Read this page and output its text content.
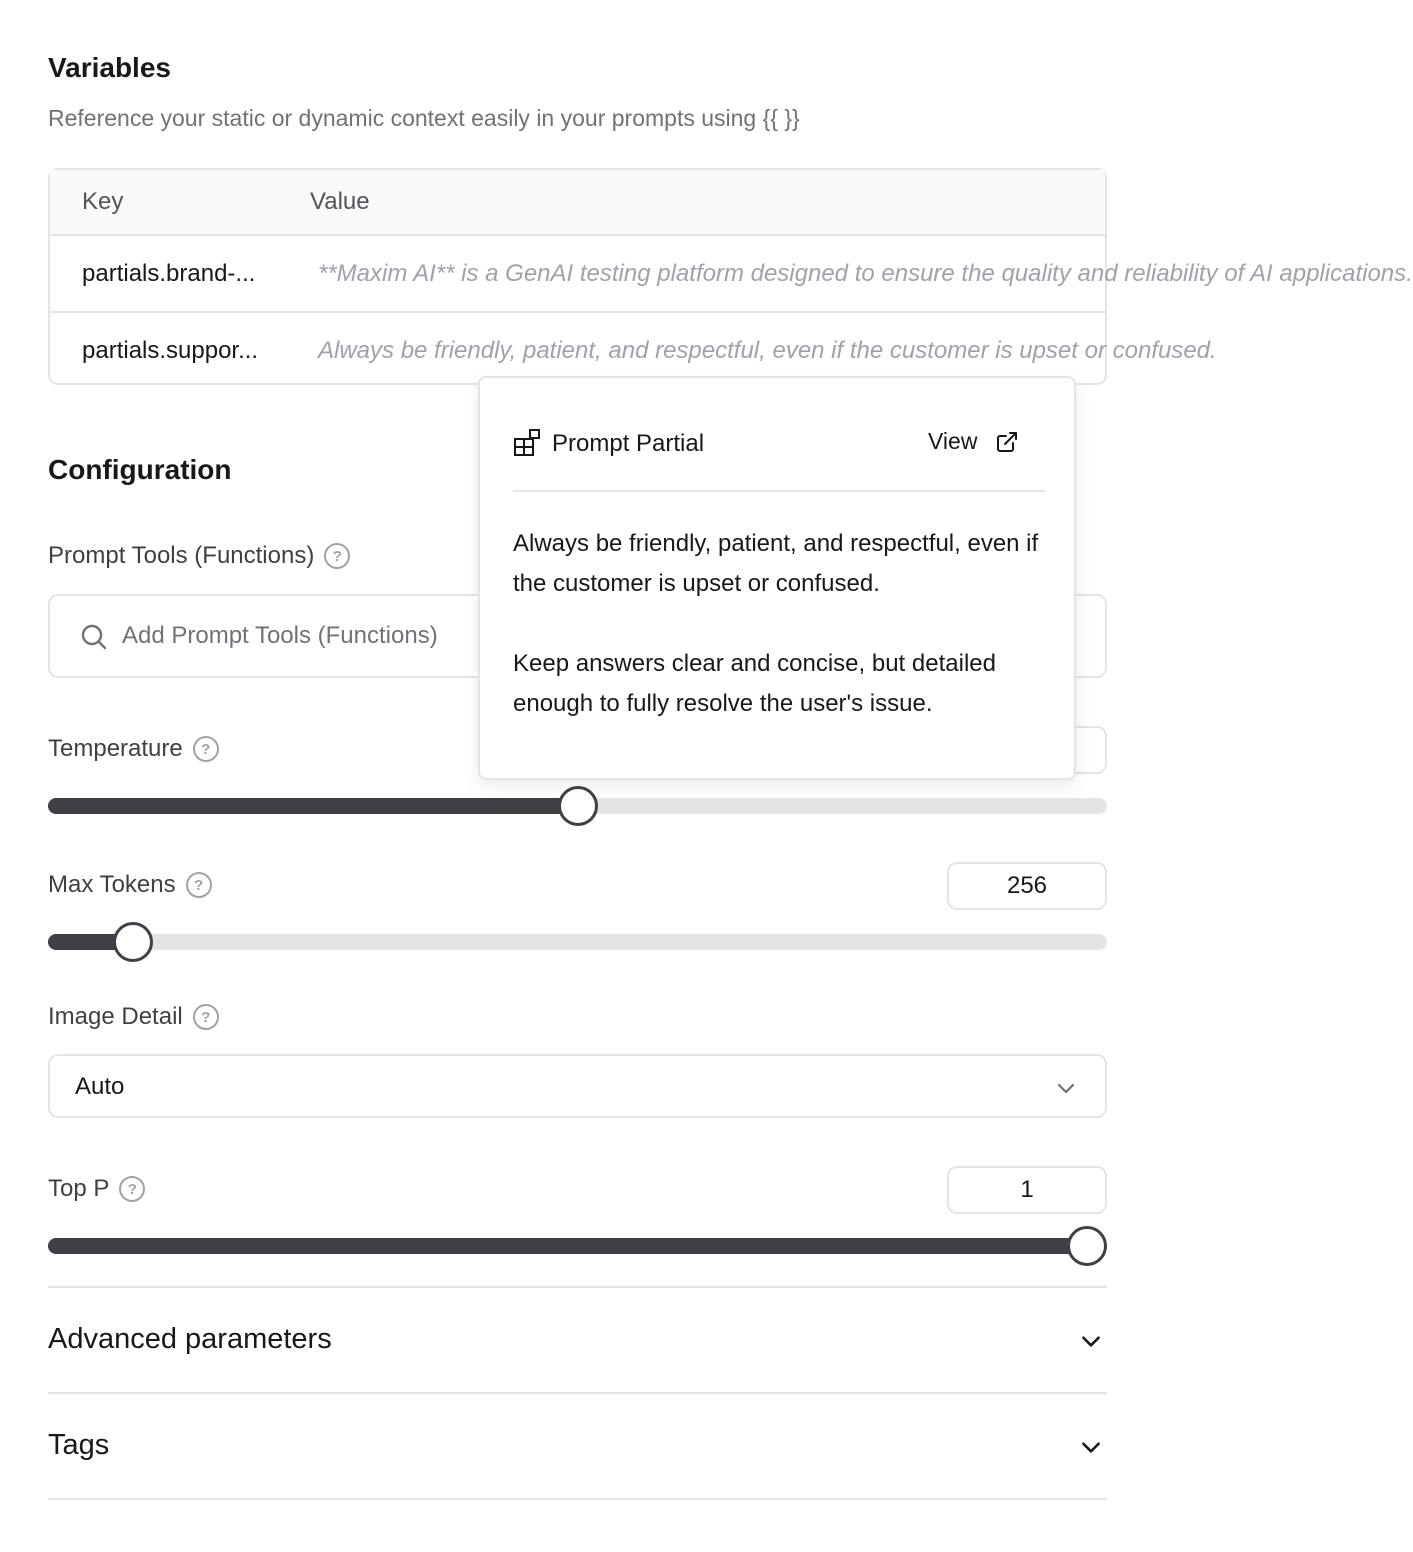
Variables
Reference your static or dynamic context easily in your prompts using {{ }}
Key	Value
partials.brand-...	**Maxim AI** is a GenAI testing platform designed to ensure the quality and reliability of AI applications.
partials.suppor...	Always be friendly, patient, and respectful, even if the customer is upset or confused.
Configuration
Prompt Tools (Functions)	?
Add Prompt Tools (Functions)
Temperature	?
Max Tokens	?	256
Image Detail	?
Auto
Top P	?	1
Advanced parameters
Tags
Prompt Partial	View
Always be friendly, patient, and respectful, even if the customer is upset or confused.
Keep answers clear and concise, but detailed enough to fully resolve the user's issue.
